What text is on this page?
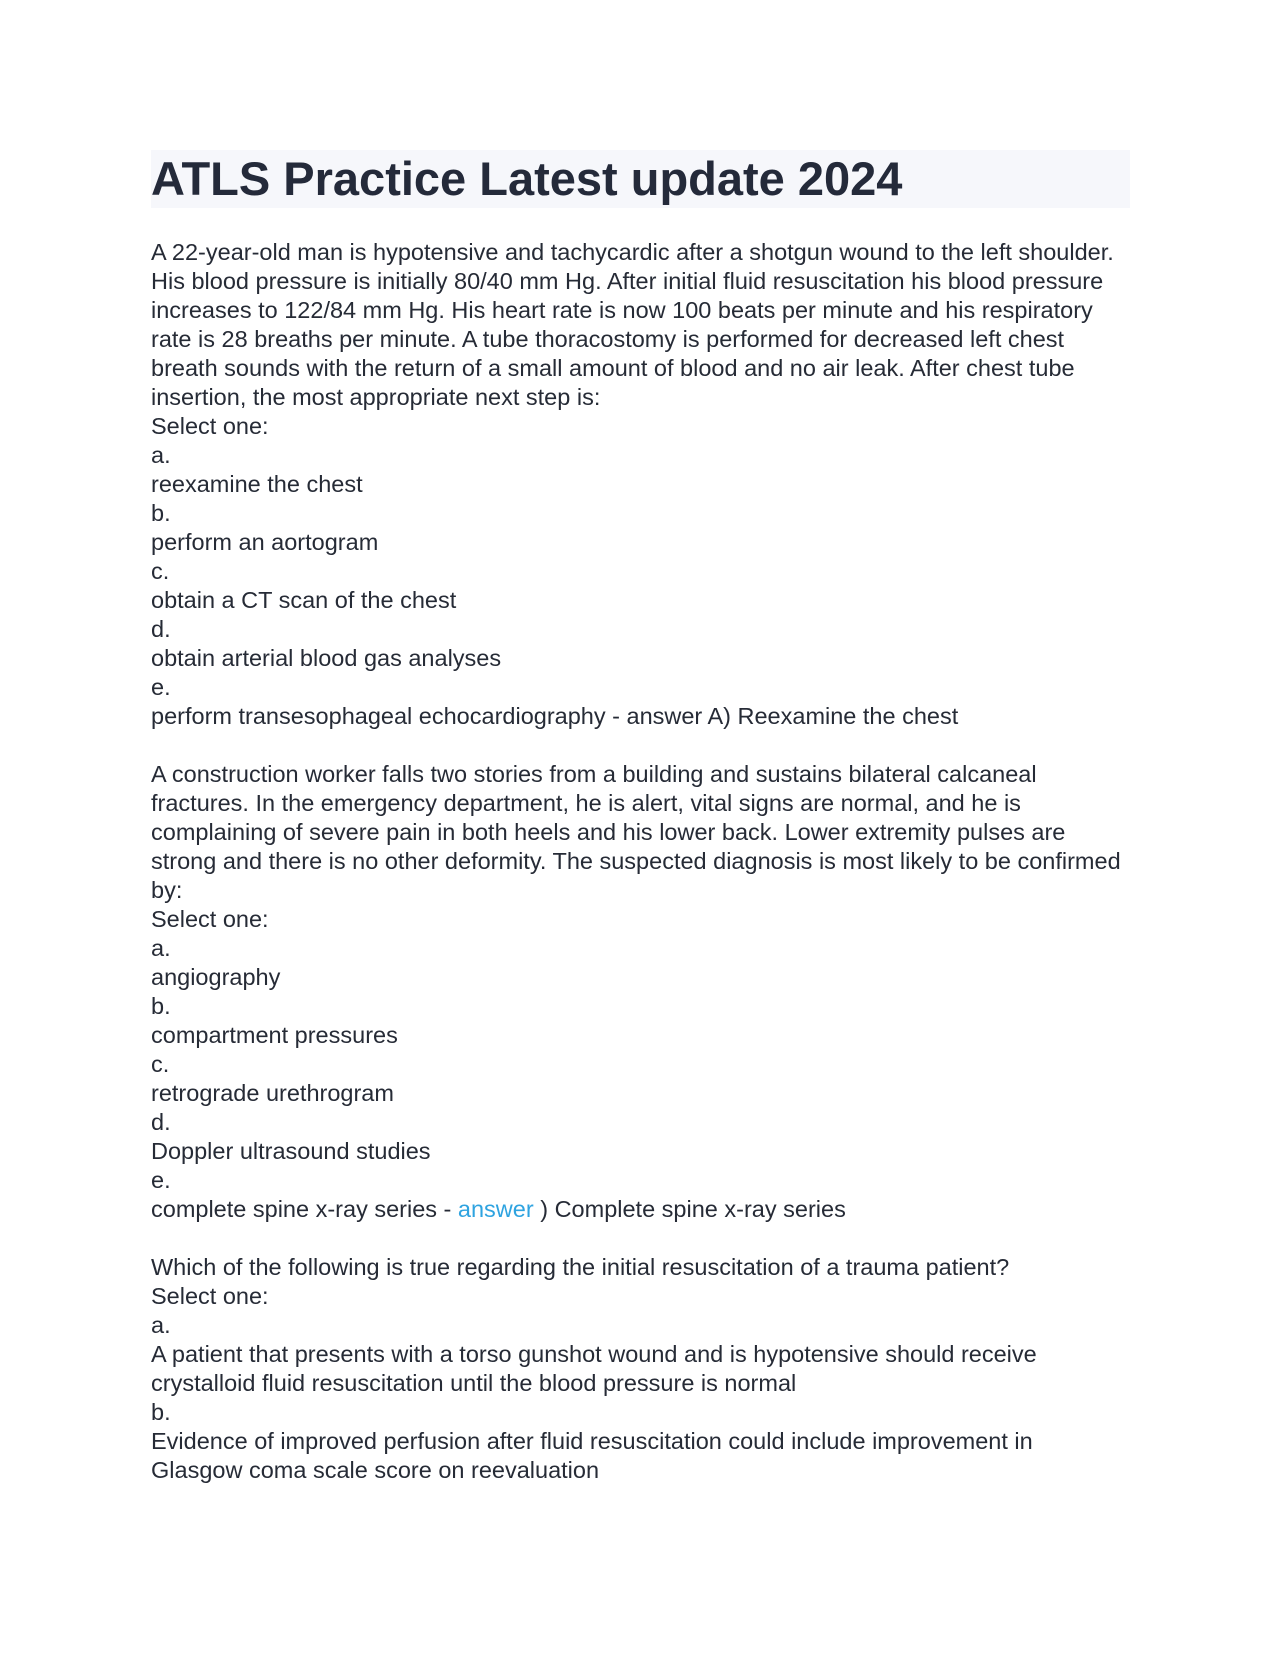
ATLS Practice Latest update 2024

A 22-year-old man is hypotensive and tachycardic after a shotgun wound to the left shoulder. His blood pressure is initially 80/40 mm Hg. After initial fluid resuscitation his blood pressure increases to 122/84 mm Hg. His heart rate is now 100 beats per minute and his respiratory rate is 28 breaths per minute. A tube thoracostomy is performed for decreased left chest breath sounds with the return of a small amount of blood and no air leak. After chest tube insertion, the most appropriate next step is:

Select one:
a.
reexamine the chest
b.
perform an aortogram
c.
obtain a CT scan of the chest
d.
obtain arterial blood gas analyses
e.
perform transesophageal echocardiography - answer A) Reexamine the chest

A construction worker falls two stories from a building and sustains bilateral calcaneal fractures. In the emergency department, he is alert, vital signs are normal, and he is complaining of severe pain in both heels and his lower back. Lower extremity pulses are strong and there is no other deformity. The suspected diagnosis is most likely to be confirmed by:

Select one:
a.
angiography
b.
compartment pressures
c.
retrograde urethrogram
d.
Doppler ultrasound studies
e.
complete spine x-ray series - answer ) Complete spine x-ray series

Which of the following is true regarding the initial resuscitation of a trauma patient?

Select one:
a.
A patient that presents with a torso gunshot wound and is hypotensive should receive crystalloid fluid resuscitation until the blood pressure is normal
b.
Evidence of improved perfusion after fluid resuscitation could include improvement in Glasgow coma scale score on reevaluation
